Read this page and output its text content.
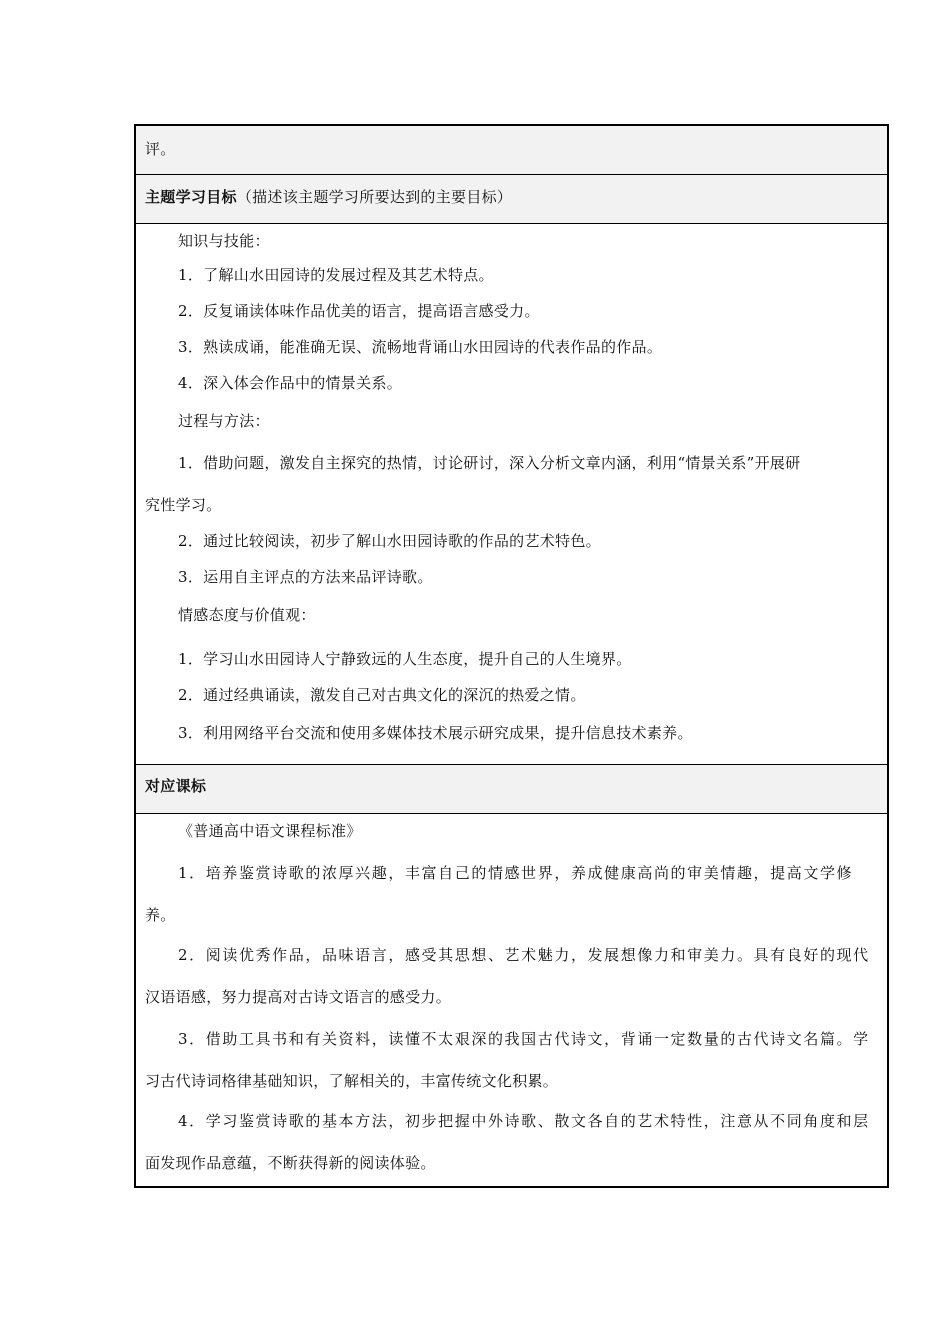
评。
主题学习目标（描述该主题学习所要达到的主要目标）
知识与技能：
1．了解山水田园诗的发展过程及其艺术特点。
2．反复诵读体味作品优美的语言，提高语言感受力。
3．熟读成诵，能准确无误、流畅地背诵山水田园诗的代表作品的作品。
4．深入体会作品中的情景关系。
过程与方法：
1．借助问题，激发自主探究的热情，讨论研讨，深入分析文章内涵，利用“情景关系”开展研
究性学习。
2．通过比较阅读，初步了解山水田园诗歌的作品的艺术特色。
3．运用自主评点的方法来品评诗歌。
情感态度与价值观：
1．学习山水田园诗人宁静致远的人生态度，提升自己的人生境界。
2．通过经典诵读，激发自己对古典文化的深沉的热爱之情。
3．利用网络平台交流和使用多媒体技术展示研究成果，提升信息技术素养。
对应课标
《普通高中语文课程标准》
1．培养鉴赏诗歌的浓厚兴趣，丰富自己的情感世界，养成健康高尚的审美情趣，提高文学修
养。
2．阅读优秀作品，品味语言，感受其思想、艺术魅力，发展想像力和审美力。具有良好的现代
汉语语感，努力提高对古诗文语言的感受力。
3．借助工具书和有关资料，读懂不太艰深的我国古代诗文，背诵一定数量的古代诗文名篇。学
习古代诗词格律基础知识，了解相关的，丰富传统文化积累。
4．学习鉴赏诗歌的基本方法，初步把握中外诗歌、散文各自的艺术特性，注意从不同角度和层
面发现作品意蕴，不断获得新的阅读体验。
